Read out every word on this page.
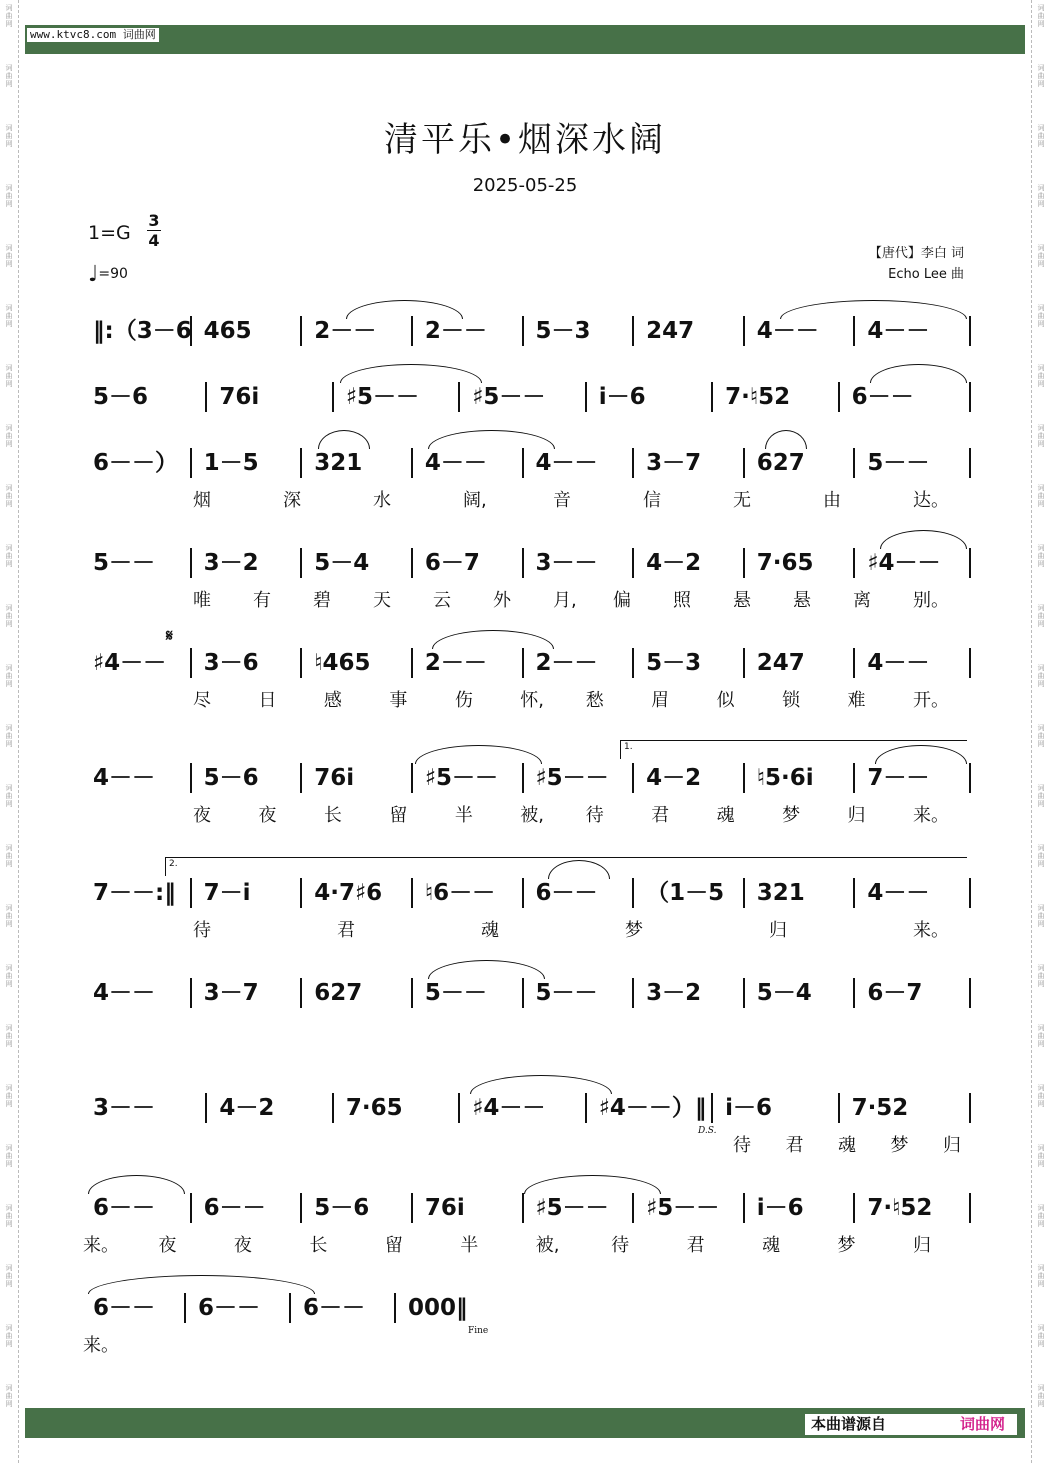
词
曲
网
词
曲
网
词
曲
网
词
曲
网
词
曲
网
词
曲
网
词
曲
网
词
曲
网
词
曲
网
词
曲
网
词
曲
网
词
曲
网
词
曲
网
词
曲
网
词
曲
网
词
曲
网
词
曲
网
词
曲
网
词
曲
网
词
曲
网
词
曲
网
词
曲
网
词
曲
网
词
曲
网
词
曲
网
词
曲
网
词
曲
网
词
曲
网
词
曲
网
词
曲
网
词
曲
网
词
曲
网
词
曲
网
词
曲
网
词
曲
网
词
曲
网
词
曲
网
词
曲
网
词
曲
网
词
曲
网
词
曲
网
词
曲
网
词
曲
网
词
曲
网
词
曲
网
词
曲
网
词
曲
网
词
曲
网
www.ktvc8.com 词曲网
清平乐•烟深水阔
2025-05-25
1=G
3
4
♩=90
【唐代】李白 词
Echo Lee 曲
‖:（3－6 465	2－－ 2－－ 5－3 247	4－－ 4－－
5－6	76i	♯5－－ ♯5－－ i－6	7·♮52	6－－
6－－） 1－5 321	4－－ 4－－ 3－7 627	5－－
烟	深	水	阔,	音	信	无	由	达。
5－－ 3－2 5－4 6－7 3－－ 4－2 7·65 ♯4－－
唯 有 碧 天 云 外 月, 偏 照 悬 悬 离 别。
♯4－－ 3－6 ♮465 2－－ 2－－ 5－3 247	4－－
尽	日	感	事	伤	怀, 愁	眉	似	锁	难	开。
4－－ 5－6 76i	♯5－－ ♯5－－ 4－2 ♮5·6i 7－－
夜	夜	长	留	半	被, 待	君	魂	梦	归	来。
7－－:‖ 7－i	4·7♯6 ♮6－－ 6－－ （1－5 321	4－－
待	君	魂	梦	归	来。
4－－ 3－7 627	5－－ 5－－ 3－2 5－4 6－7
3－－	4－2	7·65	♯4－－ ♯4－－）‖ i－6	7·52
待 君 魂 梦 归
6－－ 6－－ 5－6 76i	♯5－－ ♯5－－ i－6	7·♮52
来。 夜	夜	长	留	半	被,	待	君	魂	梦	归
6－－ 6－－ 6－－ 000‖
来。
本曲谱源自	词曲网
1.
2.
D.S.
Fine
𝄋
